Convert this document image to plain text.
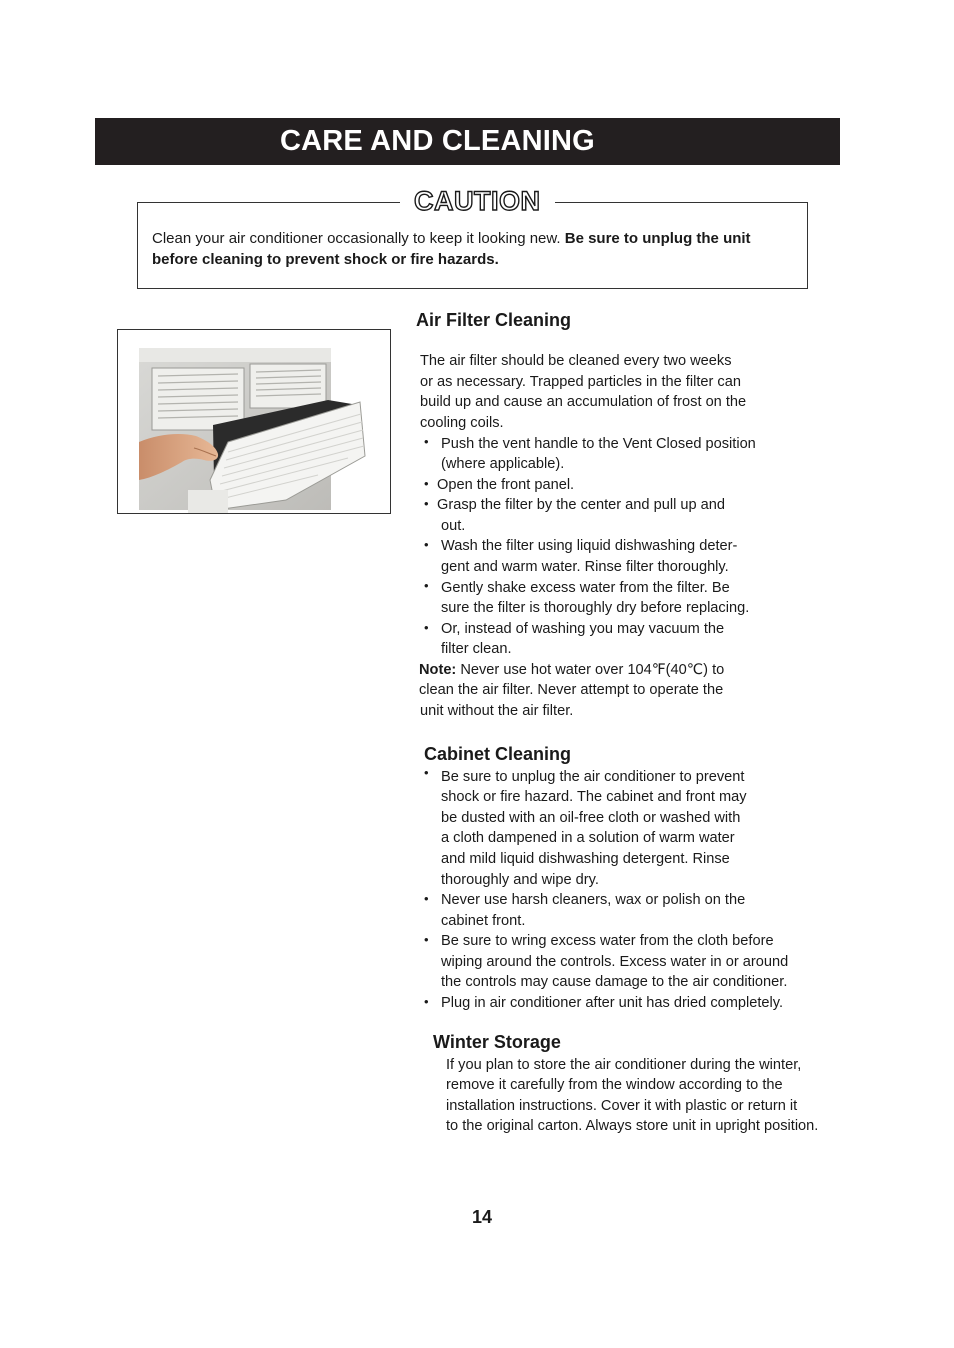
CARE AND CLEANING
CAUTION
Clean your air conditioner occasionally to keep it looking new. Be sure to unplug the unit
before cleaning to prevent shock or fire hazards.
Air Filter Cleaning
The air filter should be cleaned every two weeks
or as necessary. Trapped particles in the filter can
build up and cause an accumulation of frost on the
cooling coils.
• Push the vent handle to the Vent Closed position
(where applicable).
• Open the front panel.
• Grasp the filter by the center and pull up and
out.
• Wash the filter using liquid dishwashing deter-
gent and warm water. Rinse filter thoroughly.
• Gently shake excess water from the filter. Be
sure the filter is thoroughly dry before replacing.
• Or, instead of washing you may vacuum the
filter clean.
Note: Never use hot water over 104℉(40℃) to
clean the air filter. Never attempt to operate the
unit without the air filter.
Cabinet Cleaning
• Be sure to unplug the air conditioner to prevent
shock or fire hazard. The cabinet and front may
be dusted with an oil-free cloth or washed with
a cloth dampened in a solution of warm water
and mild liquid dishwashing detergent. Rinse
thoroughly and wipe dry.
• Never use harsh cleaners, wax or polish on the
cabinet front.
• Be sure to wring excess water from the cloth before
wiping around the controls. Excess water in or around
the controls may cause damage to the air conditioner.
• Plug in air conditioner after unit has dried completely.
Winter Storage
If you plan to store the air conditioner during the winter,
remove it carefully from the window according to the
installation instructions. Cover it with plastic or return it
to the original carton. Always store unit in upright position.
14
